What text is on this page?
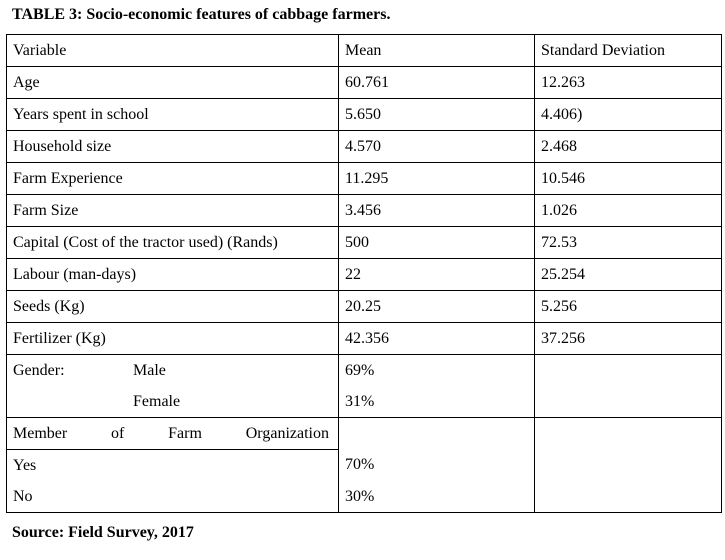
TABLE 3: Socio-economic features of cabbage farmers.
Variable	Mean	Standard Deviation
Age	60.761	12.263
Years spent in school	5.650	4.406)
Household size	4.570	2.468
Farm Experience	11.295	10.546
Farm Size	3.456	1.026
Capital (Cost of the tractor used) (Rands)	500	72.53
Labour (man-days)	22	25.254
Seeds (Kg)	20.25	5.256
Fertilizer (Kg)	42.356	37.256

Gender: Male	69%	

Female	31%	

Member of Farm Organization		

Yes	70%	
No	30%	
Source: Field Survey, 2017
